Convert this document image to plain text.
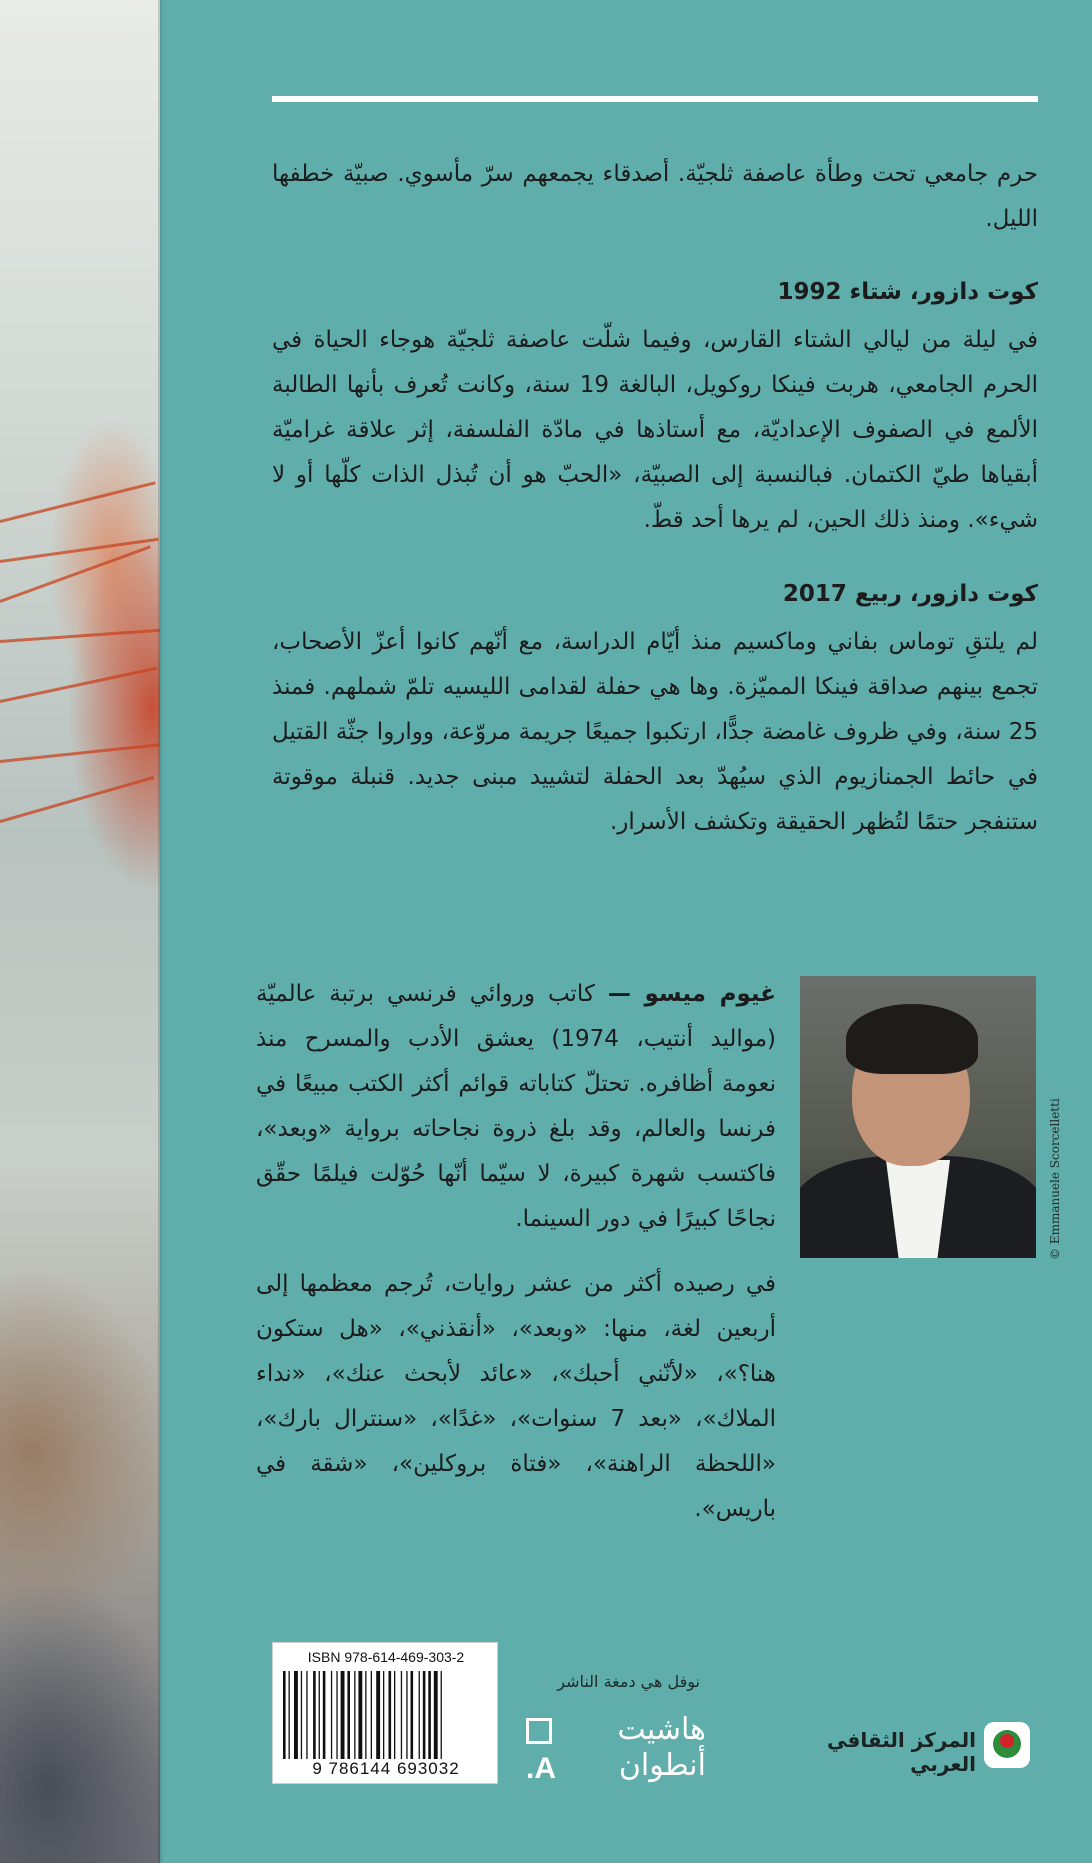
حرم جامعي تحت وطأة عاصفة ثلجيّة. أصدقاء يجمعهم سرّ مأسوي. صبيّة خطفها الليل.
كوت دازور، شتاء 1992
في ليلة من ليالي الشتاء القارس، وفيما شلّت عاصفة ثلجيّة هوجاء الحياة في الحرم الجامعي، هربت فينكا روكويل، البالغة 19 سنة، وكانت تُعرف بأنها الطالبة الألمع في الصفوف الإعداديّة، مع أستاذها في مادّة الفلسفة، إثر علاقة غراميّة أبقياها طيّ الكتمان. فبالنسبة إلى الصبيّة، «الحبّ هو أن تُبذل الذات كلّها أو لا شيء». ومنذ ذلك الحين، لم يرها أحد قطّ.
كوت دازور، ربيع 2017
لم يلتقِ توماس بفاني وماكسيم منذ أيّام الدراسة، مع أنّهم كانوا أعزّ الأصحاب، تجمع بينهم صداقة فينكا المميّزة. وها هي حفلة لقدامى الليسيه تلمّ شملهم. فمنذ 25 سنة، وفي ظروف غامضة جدًّا، ارتكبوا جميعًا جريمة مروّعة، وواروا جثّة القتيل في حائط الجمنازيوم الذي سيُهدّ بعد الحفلة لتشييد مبنى جديد. قنبلة موقوتة ستنفجر حتمًا لتُظهر الحقيقة وتكشف الأسرار.
غيوم ميسو — كاتب وروائي فرنسي برتبة عالميّة (مواليد أنتيب، 1974) يعشق الأدب والمسرح منذ نعومة أظافره. تحتلّ كتاباته قوائم أكثر الكتب مبيعًا في فرنسا والعالم، وقد بلغ ذروة نجاحاته برواية «وبعد»، فاكتسب شهرة كبيرة، لا سيّما أنّها حُوّلت فيلمًا حقّق نجاحًا كبيرًا في دور السينما.
في رصيده أكثر من عشر روايات، تُرجم معظمها إلى أربعين لغة، منها: «وبعد»، «أنقذني»، «هل ستكون هنا؟»، «لأنّني أحبك»، «عائد لأبحث عنك»، «نداء الملاك»، «بعد 7 سنوات»، «غدًا»، «سنترال بارك»، «اللحظة الراهنة»، «فتاة بروكلين»، «شقة في باريس».
© Emmanuele Scorcelletti
ISBN 978-614-469-303-2
9 786144 693032
نوفل هي دمغة الناشر
هاشيت
أنطوان
A.
المركز الثقافي العربي
